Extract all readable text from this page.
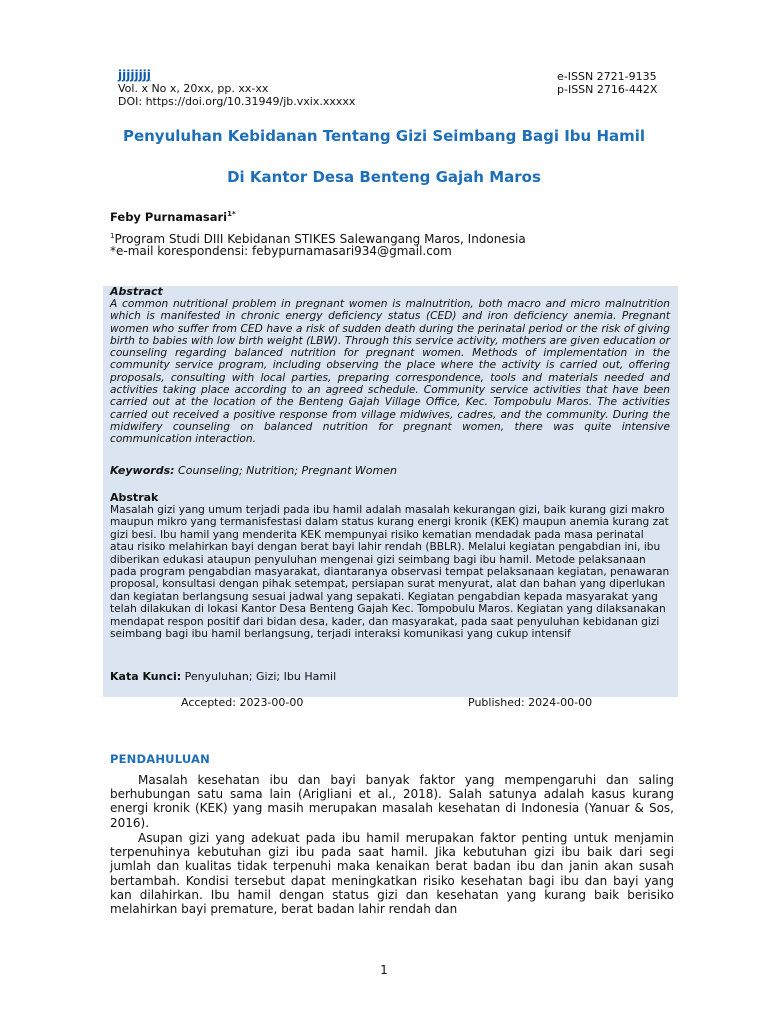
jjjjjjjj
Vol. x No x, 20xx, pp. xx-xx
DOI: https://doi.org/10.31949/jb.vxix.xxxxx
e-ISSN 2721-9135
p-ISSN 2716-442X
Penyuluhan Kebidanan Tentang Gizi Seimbang Bagi Ibu Hamil
Di Kantor Desa Benteng Gajah Maros
Feby Purnamasari$^{1*}$
$^1$Program Studi DIII Kebidanan STIKES Salewangang Maros, Indonesia
*e-mail korespondensi: febypurnamasari934@gmail.com
Abstract
A common nutritional problem in pregnant women is malnutrition, both macro and micro malnutrition which is manifested in chronic energy deficiency status (CED) and iron deficiency anemia. Pregnant women who suffer from CED have a risk of sudden death during the perinatal period or the risk of giving birth to babies with low birth weight (LBW). Through this service activity, mothers are given education or counseling regarding balanced nutrition for pregnant women. Methods of implementation in the community service program, including observing the place where the activity is carried out, offering proposals, consulting with local parties, preparing correspondence, tools and materials needed and activities taking place according to an agreed schedule. Community service activities that have been carried out at the location of the Benteng Gajah Village Office, Kec. Tompobulu Maros. The activities carried out received a positive response from village midwives, cadres, and the community. During the midwifery counseling on balanced nutrition for pregnant women, there was quite intensive communication interaction.
Keywords: Counseling; Nutrition; Pregnant Women
Abstrak
Masalah gizi yang umum terjadi pada ibu hamil adalah masalah kekurangan gizi, baik kurang gizi makro maupun mikro yang termanisfestasi dalam status kurang energi kronik (KEK) maupun anemia kurang zat gizi besi. Ibu hamil yang menderita KEK mempunyai risiko kematian mendadak pada masa perinatal atau risiko melahirkan bayi dengan berat bayi lahir rendah (BBLR). Melalui kegiatan pengabdian ini, ibu diberikan edukasi ataupun penyuluhan mengenai gizi seimbang bagi ibu hamil. Metode pelaksanaan pada program pengabdian masyarakat, diantaranya observasi tempat pelaksanaan kegiatan, penawaran proposal, konsultasi dengan pihak setempat, persiapan surat menyurat, alat dan bahan yang diperlukan dan kegiatan berlangsung sesuai jadwal yang sepakati. Kegiatan pengabdian kepada masyarakat yang telah dilakukan di lokasi Kantor Desa Benteng Gajah Kec. Tompobulu Maros. Kegiatan yang dilaksanakan mendapat respon positif dari bidan desa, kader, dan masyarakat, pada saat penyuluhan kebidanan gizi seimbang bagi ibu hamil berlangsung, terjadi interaksi komunikasi yang cukup intensif
Kata Kunci: Penyuluhan; Gizi; Ibu Hamil
Accepted: 2023-00-00	Published: 2024-00-00
PENDAHULUAN

Masalah kesehatan ibu dan bayi banyak faktor yang mempengaruhi dan saling berhubungan satu sama lain (Arigliani et al., 2018). Salah satunya adalah kasus kurang energi kronik (KEK) yang masih merupakan masalah kesehatan di Indonesia (Yanuar & Sos, 2016).

Asupan gizi yang adekuat pada ibu hamil merupakan faktor penting untuk menjamin terpenuhinya kebutuhan gizi ibu pada saat hamil. Jika kebutuhan gizi ibu baik dari segi jumlah dan kualitas tidak terpenuhi maka kenaikan berat badan ibu dan janin akan susah bertambah. Kondisi tersebut dapat meningkatkan risiko kesehatan bagi ibu dan bayi yang kan dilahirkan. Ibu hamil dengan status gizi dan kesehatan yang kurang baik berisiko melahirkan bayi premature, berat badan lahir rendah dan

1
